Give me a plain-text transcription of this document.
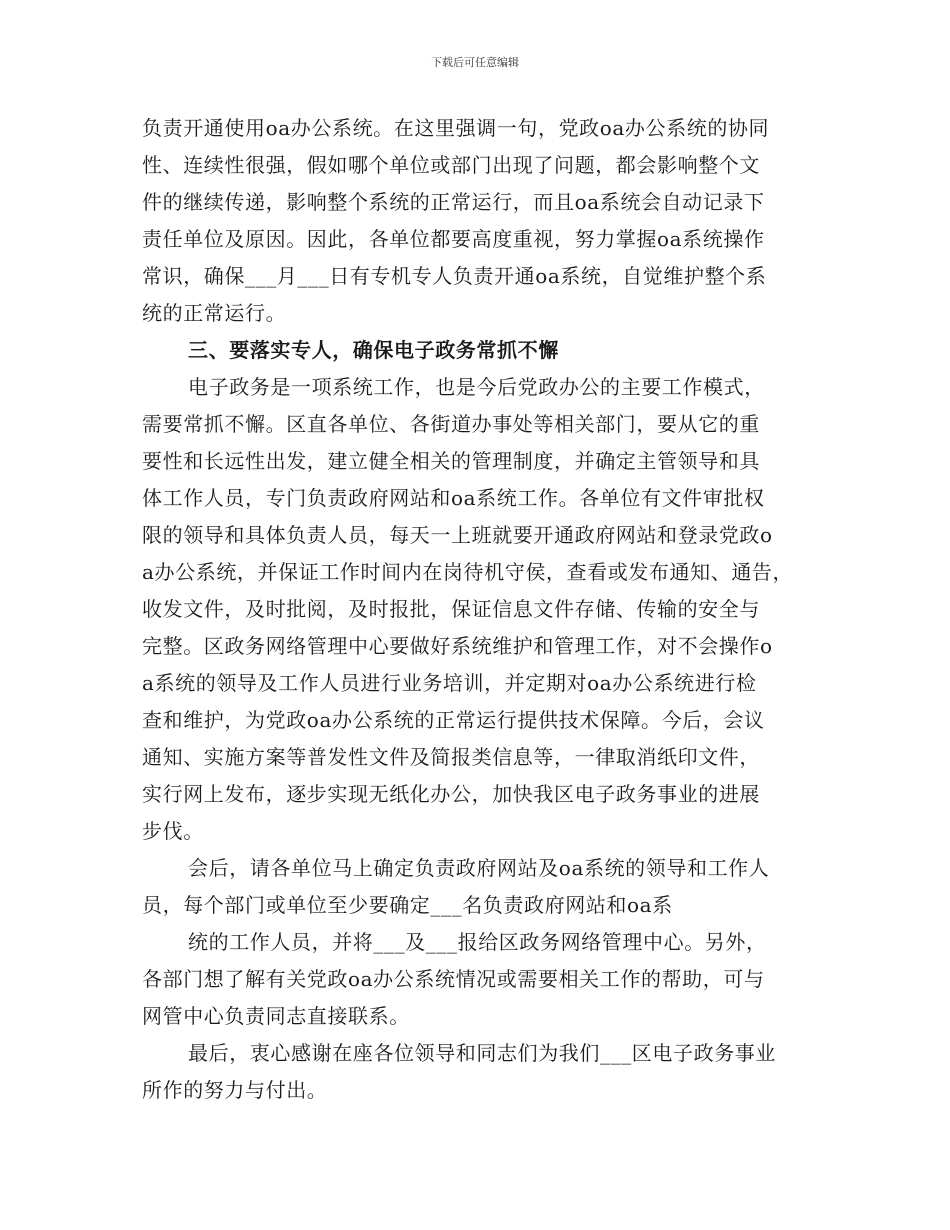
下载后可任意编辑
负责开通使用oa办公系统。在这里强调一句，党政oa办公系统的协同
性、连续性很强，假如哪个单位或部门出现了问题，都会影响整个文
件的继续传递，影响整个系统的正常运行，而且oa系统会自动记录下
责任单位及原因。因此，各单位都要高度重视，努力掌握oa系统操作
常识，确保___月___日有专机专人负责开通oa系统，自觉维护整个系
统的正常运行。
三、要落实专人，确保电子政务常抓不懈
电子政务是一项系统工作，也是今后党政办公的主要工作模式，
需要常抓不懈。区直各单位、各街道办事处等相关部门，要从它的重
要性和长远性出发，建立健全相关的管理制度，并确定主管领导和具
体工作人员，专门负责政府网站和oa系统工作。各单位有文件审批权
限的领导和具体负责人员，每天一上班就要开通政府网站和登录党政o
a办公系统，并保证工作时间内在岗待机守侯，查看或发布通知、通告，
收发文件，及时批阅，及时报批，保证信息文件存储、传输的安全与
完整。区政务网络管理中心要做好系统维护和管理工作，对不会操作o
a系统的领导及工作人员进行业务培训，并定期对oa办公系统进行检
查和维护，为党政oa办公系统的正常运行提供技术保障。今后，会议
通知、实施方案等普发性文件及简报类信息等，一律取消纸印文件，
实行网上发布，逐步实现无纸化办公，加快我区电子政务事业的进展
步伐。
会后，请各单位马上确定负责政府网站及oa系统的领导和工作人
员，每个部门或单位至少要确定___名负责政府网站和oa系
统的工作人员，并将___及___报给区政务网络管理中心。另外，
各部门想了解有关党政oa办公系统情况或需要相关工作的帮助，可与
网管中心负责同志直接联系。
最后，衷心感谢在座各位领导和同志们为我们___区电子政务事业
所作的努力与付出。
